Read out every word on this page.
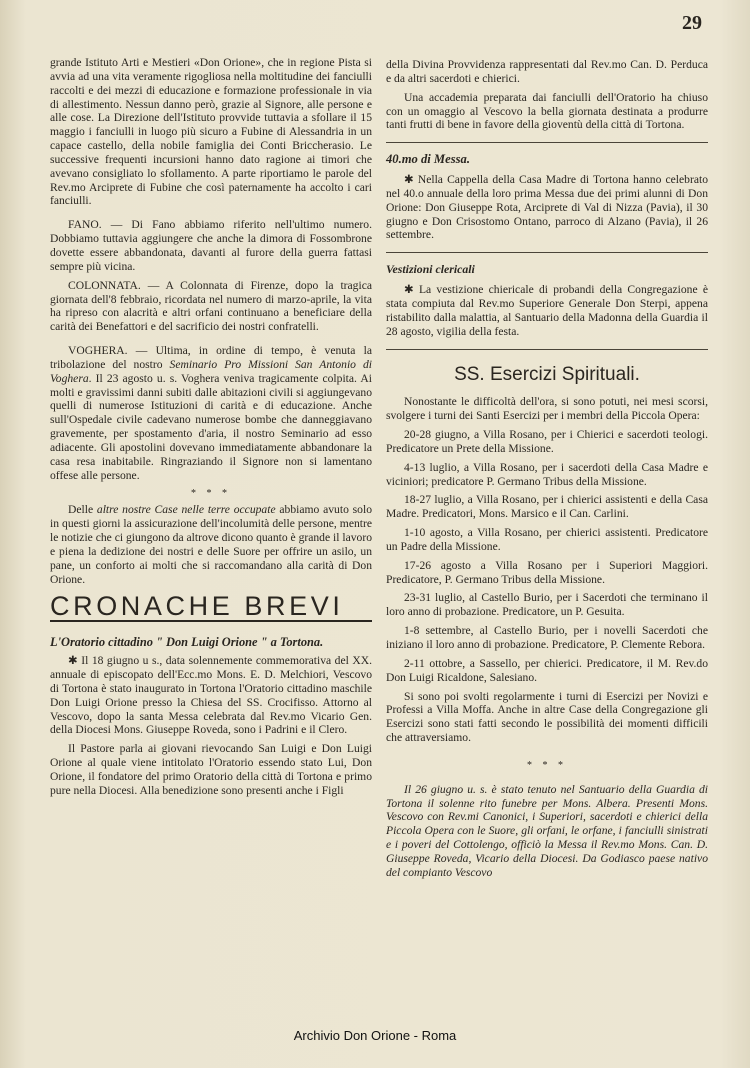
29

grande Istituto Arti e Mestieri «Don Orione», che in regione Pista si avvia ad una vita veramente rigogliosa nella moltitudine dei fanciulli raccolti e dei mezzi di educazione e formazione professionale in via di allestimento. Nessun danno però, grazie al Signore, alle persone e alle cose. La Direzione dell'Istituto provvide tuttavia a sfollare il 15 maggio i fanciulli in luogo più sicuro a Fubine di Alessandria in un capace castello, della nobile famiglia dei Conti Briccherasio. Le successive frequenti incursioni hanno dato ragione ai timori che avevano consigliato lo sfollamento. A parte riportiamo le parole del Rev.mo Arciprete di Fubine che così paternamente ha accolto i cari fanciulli.

FANO. — Di Fano abbiamo riferito nell'ultimo numero. Dobbiamo tuttavia aggiungere che anche la dimora di Fossombrone dovette essere abbandonata, davanti al furore della guerra fattasi sempre più vicina.

COLONNATA. — A Colonnata di Firenze, dopo la tragica giornata dell'8 febbraio, ricordata nel numero di marzo-aprile, la vita ha ripreso con alacrità e altri orfani continuano a beneficiare della carità dei Benefattori e del sacrificio dei nostri confratelli.

VOGHERA. — Ultima, in ordine di tempo, è venuta la tribolazione del nostro Seminario Pro Missioni San Antonio di Voghera. Il 23 agosto u. s. Voghera veniva tragicamente colpita. Ai molti e gravissimi danni subiti dalle abitazioni civili si aggiungevano quelli di numerose Istituzioni di carità e di educazione. Anche sull'Ospedale civile cadevano numerose bombe che danneggiavano gravemente, per spostamento d'aria, il nostro Seminario ad esso adiacente. Gli apostolini dovevano immediatamente abbandonare la casa resa inabitabile. Ringraziando il Signore non si lamentano offese alle persone.

* * *

Delle altre nostre Case nelle terre occupate abbiamo avuto solo in questi giorni la assicurazione dell'incolumità delle persone, mentre le notizie che ci giungono da altrove dicono quanto è grande il lavoro e piena la dedizione dei nostri e delle Suore per offrire un asilo, un pane, un conforto ai molti che si raccomandano alla carità di Don Orione.

CRONACHE BREVI
L'Oratorio cittadino " Don Luigi Orione " a Tortona.

✱ Il 18 giugno u s., data solennemente commemorativa del XX. annuale di episcopato dell'Ecc.mo Mons. E. D. Melchiori, Vescovo di Tortona è stato inaugurato in Tortona l'Oratorio cittadino maschile Don Luigi Orione presso la Chiesa del SS. Crocifisso. Attorno al Vescovo, dopo la santa Messa celebrata dal Rev.mo Vicario Gen. della Diocesi Mons. Giuseppe Roveda, sono i Padrini e il Clero.

Il Pastore parla ai giovani rievocando San Luigi e Don Luigi Orione al quale viene intitolato l'Oratorio essendo stato Lui, Don Orione, il fondatore del primo Oratorio della città di Tortona e primo pure nella Diocesi. Alla benedizione sono presenti anche i Figli

della Divina Provvidenza rappresentati dal Rev.mo Can. D. Perduca e da altri sacerdoti e chierici.

Una accademia preparata dai fanciulli dell'Oratorio ha chiuso con un omaggio al Vescovo la bella giornata destinata a produrre tanti frutti di bene in favore della gioventù della città di Tortona.

40.mo di Messa.

✱ Nella Cappella della Casa Madre di Tortona hanno celebrato nel 40.o annuale della loro prima Messa due dei primi alunni di Don Orione: Don Giuseppe Rota, Arciprete di Val di Nizza (Pavia), il 30 giugno e Don Crisostomo Ontano, parroco di Alzano (Pavia), il 26 settembre.

Vestizioni clericali

✱ La vestizione chiericale di probandi della Congregazione è stata compiuta dal Rev.mo Superiore Generale Don Sterpi, appena ristabilito dalla malattia, al Santuario della Madonna della Guardia il 28 agosto, vigilia della festa.

SS. Esercizi Spirituali.

Nonostante le difficoltà dell'ora, si sono potuti, nei mesi scorsi, svolgere i turni dei Santi Esercizi per i membri della Piccola Opera:

20-28 giugno, a Villa Rosano, per i Chierici e sacerdoti teologi. Predicatore un Prete della Missione.

4-13 luglio, a Villa Rosano, per i sacerdoti della Casa Madre e viciniori; predicatore P. Germano Tribus della Missione.

18-27 luglio, a Villa Rosano, per i chierici assistenti e della Casa Madre. Predicatori, Mons. Marsico e il Can. Carlini.

1-10 agosto, a Villa Rosano, per chierici assistenti. Predicatore un Padre della Missione.

17-26 agosto a Villa Rosano per i Superiori Maggiori. Predicatore, P. Germano Tribus della Missione.

23-31 luglio, al Castello Burio, per i Sacerdoti che terminano il loro anno di probazione. Predicatore, un P. Gesuita.

1-8 settembre, al Castello Burio, per i novelli Sacerdoti che iniziano il loro anno di probazione. Predicatore, P. Clemente Rebora.

2-11 ottobre, a Sassello, per chierici. Predicatore, il M. Rev.do Don Luigi Ricaldone, Salesiano.

Si sono poi svolti regolarmente i turni di Esercizi per Novizi e Professi a Villa Moffa. Anche in altre Case della Congregazione gli Esercizi sono stati fatti secondo le possibilità dei momenti difficili che attraversiamo.

* * *

Il 26 giugno u. s. è stato tenuto nel Santuario della Guardia di Tortona il solenne rito funebre per Mons. Albera. Presenti Mons. Vescovo con Rev.mi Canonici, i Superiori, sacerdoti e chierici della Piccola Opera con le Suore, gli orfani, le orfane, i fanciulli sinistrati e i poveri del Cottolengo, officiò la Messa il Rev.mo Mons. Can. D. Giuseppe Roveda, Vicario della Diocesi. Da Godiasco paese nativo del compianto Vescovo

Archivio Don Orione - Roma
